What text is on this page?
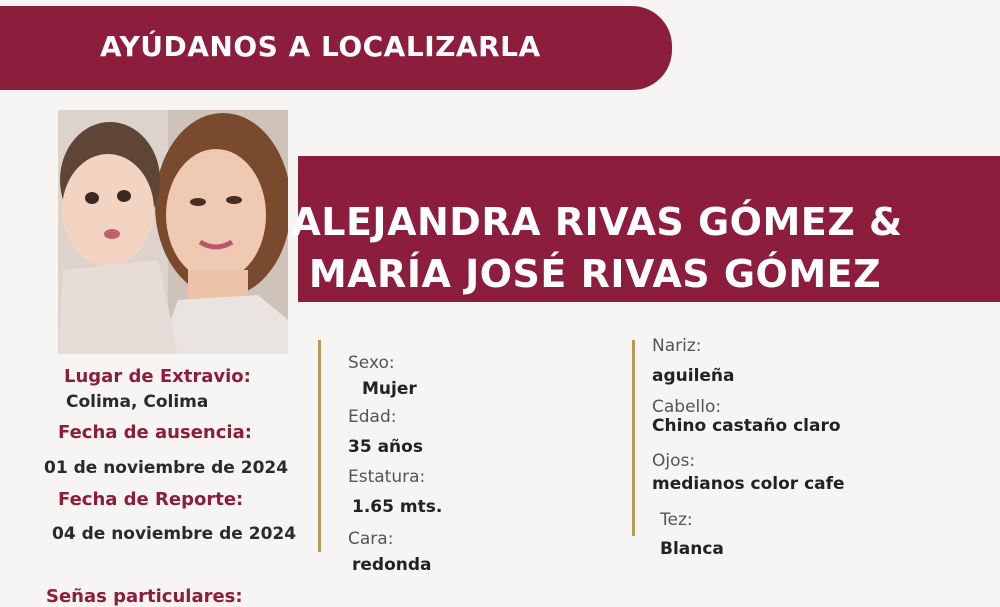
AYÚDANOS A LOCALIZARLA
ALEJANDRA RIVAS GÓMEZ &
MARÍA JOSÉ RIVAS GÓMEZ
Lugar de Extravio:
Colima, Colima
Fecha de ausencia:
01 de noviembre de 2024
Fecha de Reporte:
04 de noviembre de 2024
Señas particulares:
Sexo:
Mujer
Edad:
35 años
Estatura:
1.65 mts.
Cara:
redonda
Nariz:
aguileña
Cabello:
Chino castaño claro
Ojos:
medianos color cafe
Tez:
Blanca
